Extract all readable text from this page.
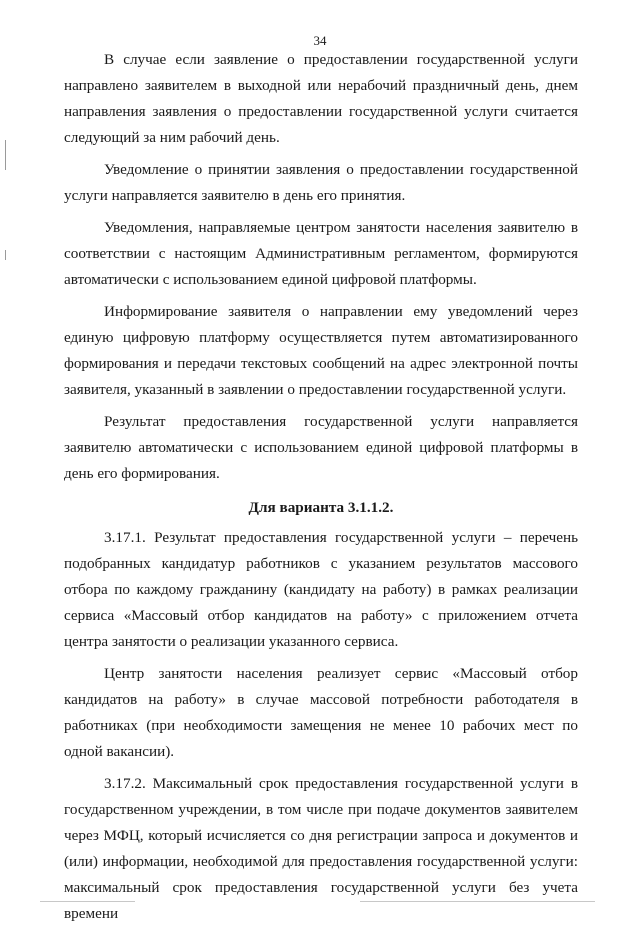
34

В случае если заявление о предоставлении государственной услуги направлено заявителем в выходной или нерабочий праздничный день, днем направления заявления о предоставлении государственной услуги считается следующий за ним рабочий день.

Уведомление о принятии заявления о предоставлении государственной услуги направляется заявителю в день его принятия.

Уведомления, направляемые центром занятости населения заявителю в соответствии с настоящим Административным регламентом, формируются автоматически с использованием единой цифровой платформы.

Информирование заявителя о направлении ему уведомлений через единую цифровую платформу осуществляется путем автоматизированного формирования и передачи текстовых сообщений на адрес электронной почты заявителя, указанный в заявлении о предоставлении государственной услуги.

Результат предоставления государственной услуги направляется заявителю автоматически с использованием единой цифровой платформы в день его формирования.

Для варианта 3.1.1.2.

3.17.1. Результат предоставления государственной услуги – перечень подобранных кандидатур работников с указанием результатов массового отбора по каждому гражданину (кандидату на работу) в рамках реализации сервиса «Массовый отбор кандидатов на работу» с приложением отчета центра занятости о реализации указанного сервиса.

Центр занятости населения реализует сервис «Массовый отбор кандидатов на работу» в случае массовой потребности работодателя в работниках (при необходимости замещения не менее 10 рабочих мест по одной вакансии).

3.17.2. Максимальный срок предоставления государственной услуги в государственном учреждении, в том числе при подаче документов заявителем через МФЦ, который исчисляется со дня регистрации запроса и документов и (или) информации, необходимой для предоставления государственной услуги: максимальный срок предоставления государственной услуги без учета времени
